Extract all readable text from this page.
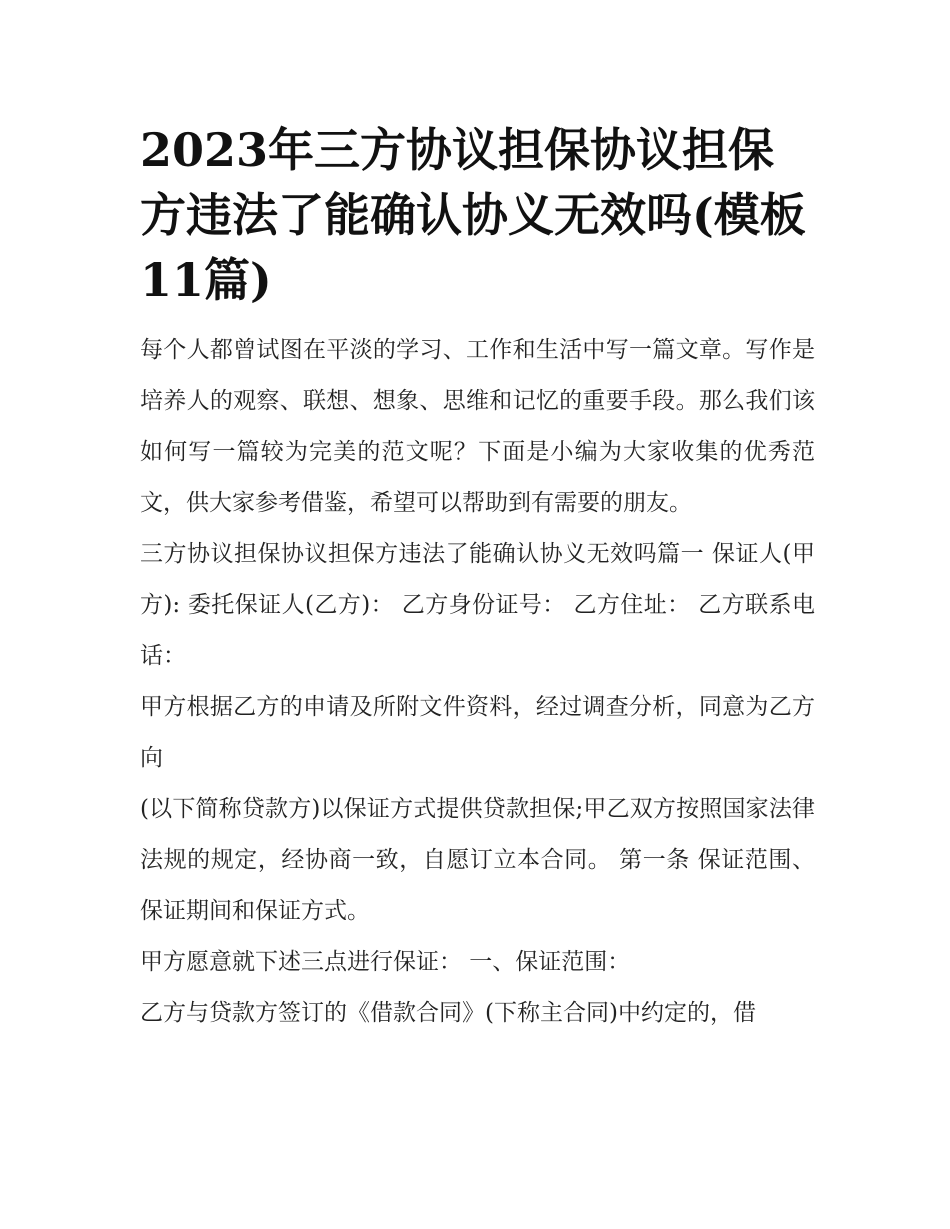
2023年三方协议担保协议担保方违法了能确认协义无效吗(模板11篇)

每个人都曾试图在平淡的学习、工作和生活中写一篇文章。写作是培养人的观察、联想、想象、思维和记忆的重要手段。那么我们该如何写一篇较为完美的范文呢？下面是小编为大家收集的优秀范文，供大家参考借鉴，希望可以帮助到有需要的朋友。

三方协议担保协议担保方违法了能确认协义无效吗篇一 保证人(甲方): 委托保证人(乙方)： 乙方身份证号： 乙方住址： 乙方联系电话：

甲方根据乙方的申请及所附文件资料，经过调查分析，同意为乙方向

(以下简称贷款方)以保证方式提供贷款担保;甲乙双方按照国家法律法规的规定，经协商一致，自愿订立本合同。 第一条 保证范围、保证期间和保证方式。

甲方愿意就下述三点进行保证： 一、保证范围：

乙方与贷款方签订的《借款合同》(下称主合同)中约定的，借
